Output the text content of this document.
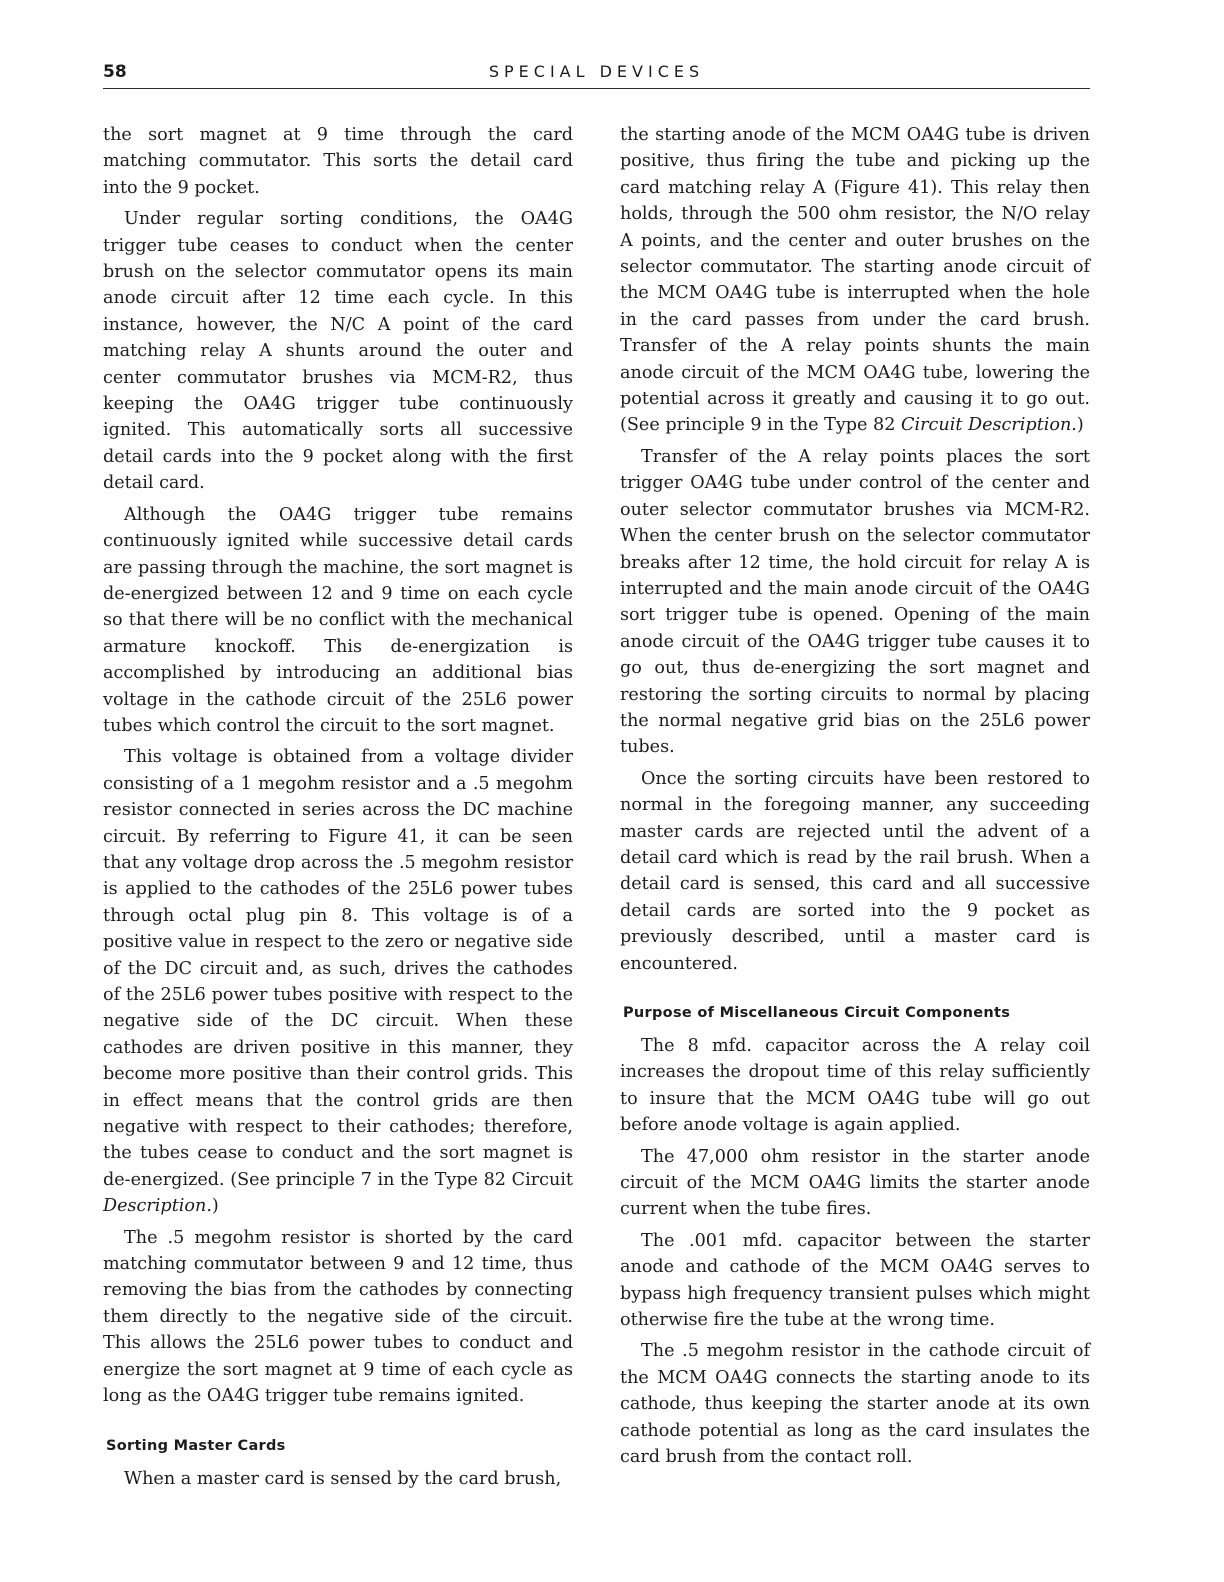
58	SPECIAL DEVICES

the sort magnet at 9 time through the card matching commutator. This sorts the detail card into the 9 pocket.

Under regular sorting conditions, the OA4G trigger tube ceases to conduct when the center brush on the selector commutator opens its main anode circuit after 12 time each cycle. In this instance, however, the N/C A point of the card matching relay A shunts around the outer and center commutator brushes via MCM-R2, thus keeping the OA4G trigger tube continuously ignited. This automatically sorts all successive detail cards into the 9 pocket along with the first detail card.

Although the OA4G trigger tube remains continuously ignited while successive detail cards are passing through the machine, the sort magnet is de-energized between 12 and 9 time on each cycle so that there will be no conflict with the mechanical armature knockoff. This de-energization is accomplished by introducing an additional bias voltage in the cathode circuit of the 25L6 power tubes which control the circuit to the sort magnet.

This voltage is obtained from a voltage divider consisting of a 1 megohm resistor and a .5 megohm resistor connected in series across the DC machine circuit. By referring to Figure 41, it can be seen that any voltage drop across the .5 megohm resistor is applied to the cathodes of the 25L6 power tubes through octal plug pin 8. This voltage is of a positive value in respect to the zero or negative side of the DC circuit and, as such, drives the cathodes of the 25L6 power tubes positive with respect to the negative side of the DC circuit. When these cathodes are driven positive in this manner, they become more positive than their control grids. This in effect means that the control grids are then negative with respect to their cathodes; therefore, the tubes cease to conduct and the sort magnet is de-energized. (See principle 7 in the Type 82 Circuit Description.)

The .5 megohm resistor is shorted by the card matching commutator between 9 and 12 time, thus removing the bias from the cathodes by connecting them directly to the negative side of the circuit. This allows the 25L6 power tubes to conduct and energize the sort magnet at 9 time of each cycle as long as the OA4G trigger tube remains ignited.

Sorting Master Cards

When a master card is sensed by the card brush,

the starting anode of the MCM OA4G tube is driven positive, thus firing the tube and picking up the card matching relay A (Figure 41). This relay then holds, through the 500 ohm resistor, the N/O relay A points, and the center and outer brushes on the selector commutator. The starting anode circuit of the MCM OA4G tube is interrupted when the hole in the card passes from under the card brush. Transfer of the A relay points shunts the main anode circuit of the MCM OA4G tube, lowering the potential across it greatly and causing it to go out. (See principle 9 in the Type 82 Circuit Description.)

Transfer of the A relay points places the sort trigger OA4G tube under control of the center and outer selector commutator brushes via MCM-R2. When the center brush on the selector commutator breaks after 12 time, the hold circuit for relay A is interrupted and the main anode circuit of the OA4G sort trigger tube is opened. Opening of the main anode circuit of the OA4G trigger tube causes it to go out, thus de-energizing the sort magnet and restoring the sorting circuits to normal by placing the normal negative grid bias on the 25L6 power tubes.

Once the sorting circuits have been restored to normal in the foregoing manner, any succeeding master cards are rejected until the advent of a detail card which is read by the rail brush. When a detail card is sensed, this card and all successive detail cards are sorted into the 9 pocket as previously described, until a master card is encountered.

Purpose of Miscellaneous Circuit Components

The 8 mfd. capacitor across the A relay coil increases the dropout time of this relay sufficiently to insure that the MCM OA4G tube will go out before anode voltage is again applied.

The 47,000 ohm resistor in the starter anode circuit of the MCM OA4G limits the starter anode current when the tube fires.

The .001 mfd. capacitor between the starter anode and cathode of the MCM OA4G serves to bypass high frequency transient pulses which might otherwise fire the tube at the wrong time.

The .5 megohm resistor in the cathode circuit of the MCM OA4G connects the starting anode to its cathode, thus keeping the starter anode at its own cathode potential as long as the card insulates the card brush from the contact roll.
